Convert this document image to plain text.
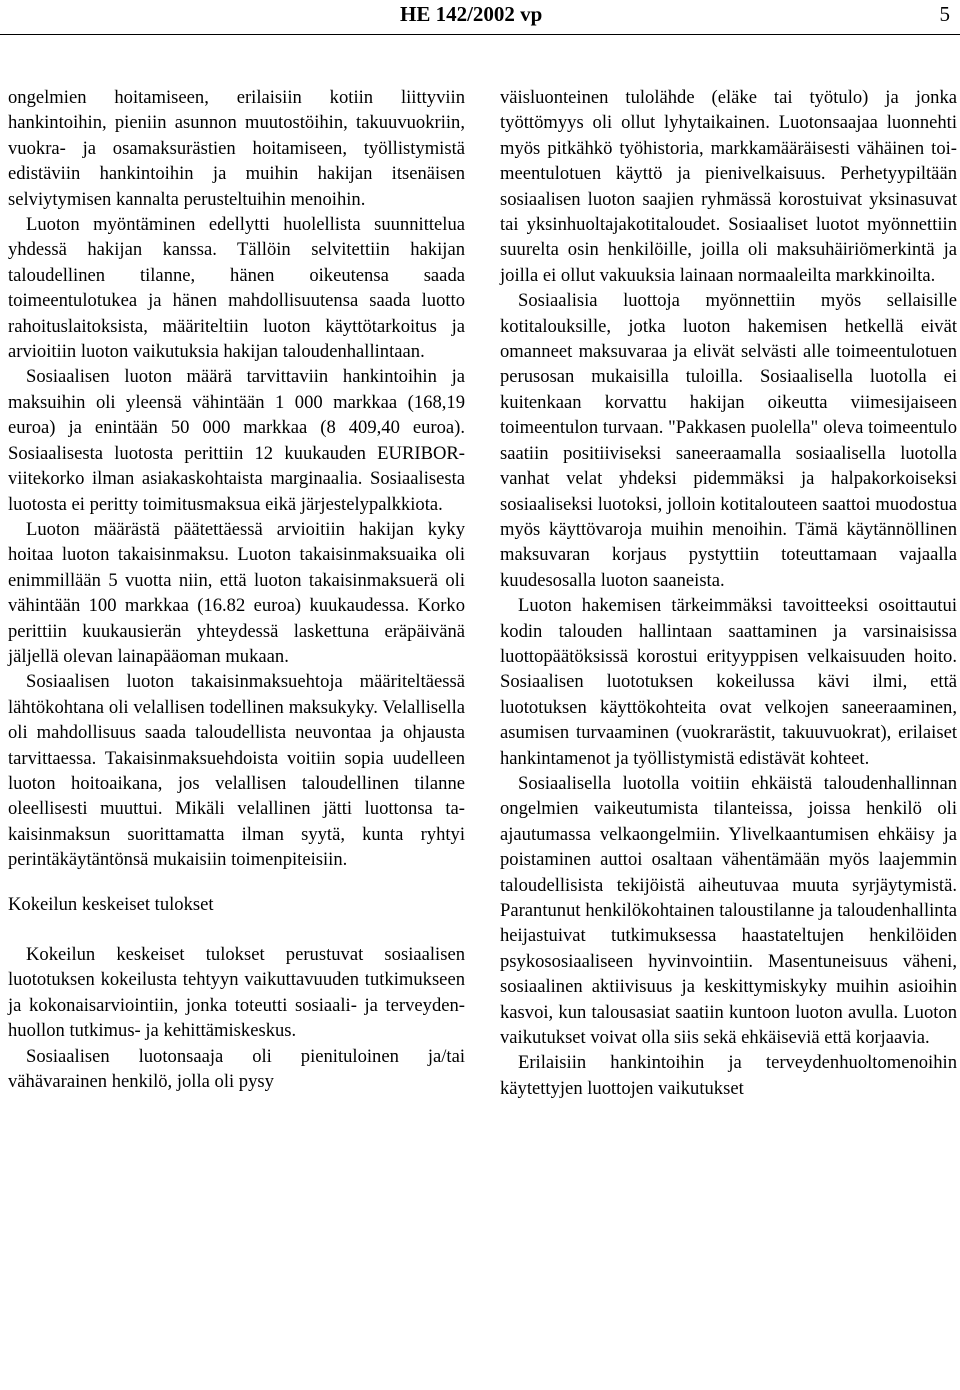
HE 142/2002 vp	5

ongelmien hoitamiseen, erilaisiin kotiin liittyviin hankintoihin, pieniin asunnon muutostöihin, takuuvuokriin, vuokra- ja osamaksurästien hoitamiseen, työllistymistä edistäviin hankintoihin ja muihin hakijan itsenäisen selviytymisen kannalta perusteltuihin menoihin.

Luoton myöntäminen edellytti huolellista suunnittelua yhdessä hakijan kanssa. Tällöin selvitettiin hakijan taloudellinen tilanne, hänen oikeutensa saada toimeentulotukea ja hänen mahdollisuutensa saada luotto rahoituslaitoksista, määriteltiin luoton käyttötarkoitus ja arvioitiin luoton vaikutuksia hakijan taloudenhallintaan.

Sosiaalisen luoton määrä tarvittaviin hankintoihin ja maksuihin oli yleensä vähintään 1 000 markkaa (168,19 euroa) ja enintään 50 000 markkaa (8 409,40 euroa). Sosiaalisesta luotosta perittiin 12 kuukauden EURIBOR-viitekorko ilman asiakaskohtaista marginaalia. Sosiaalisesta luotosta ei peritty toimitusmaksua eikä järjestelypalkkiota.

Luoton määrästä päätettäessä arvioitiin hakijan kyky hoitaa luoton takaisinmaksu. Luoton takaisinmaksuaika oli enimmillään 5 vuotta niin, että luoton takaisinmaksuerä oli vähintään 100 markkaa (16.82 euroa) kuukaudessa. Korko perittiin kuukausierän yhteydessä laskettuna eräpäivänä jäljellä olevan lainapääoman mukaan.

Sosiaalisen luoton takaisinmaksuehtoja määriteltäessä lähtökohtana oli velallisen todellinen maksukyky. Velallisella oli mahdollisuus saada taloudellista neuvontaa ja ohjausta tarvittaessa. Takaisinmaksuehdoista voitiin sopia uudelleen luoton hoitoaikana, jos velallisen taloudellinen tilanne oleellisesti muuttui. Mikäli velallinen jätti luottonsa takaisinmaksun suorittamatta ilman syytä, kunta ryhtyi perintäkäytäntönsä mukaisiin toimenpiteisiin.

Kokeilun keskeiset tulokset

Kokeilun keskeiset tulokset perustuvat sosiaalisen luototuksen kokeilusta tehtyyn vaikuttavuuden tutkimukseen ja kokonaisarviointiin, jonka toteutti sosiaali- ja terveydenhuollon tutkimus- ja kehittämiskeskus.

Sosiaalisen luotonsaaja oli pienituloinen ja/tai vähävarainen henkilö, jolla oli pysy

väisluonteinen tulolähde (eläke tai työtulo) ja jonka työttömyys oli ollut lyhytaikainen. Luotonsaajaa luonnehti myös pitkähkö työhistoria, markkamääräisesti vähäinen toimeentulotuen käyttö ja pienivelkaisuus. Perhetyypiltään sosiaalisen luoton saajien ryhmässä korostuivat yksinasuvat tai yksinhuoltajakotitaloudet. Sosiaaliset luotot myönnettiin suurelta osin henkilöille, joilla oli maksuhäiriömerkintä ja joilla ei ollut vakuuksia lainaan normaaleilta markkinoilta.

Sosiaalisia luottoja myönnettiin myös sellaisille kotitalouksille, jotka luoton hakemisen hetkellä eivät omanneet maksuvaraa ja elivät selvästi alle toimeentulotuen perusosan mukaisilla tuloilla. Sosiaalisella luotolla ei kuitenkaan korvattu hakijan oikeutta viimesijaiseen toimeentulon turvaan. "Pakkasen puolella" oleva toimeentulo saatiin positiiviseksi saneeraamalla sosiaalisella luotolla vanhat velat yhdeksi pidemmäksi ja halpakorkoiseksi sosiaaliseksi luotoksi, jolloin kotitalouteen saattoi muodostua myös käyttövaroja muihin menoihin. Tämä käytännöllinen maksuvaran korjaus pystyttiin toteuttamaan vajaalla kuudesosalla luoton saaneista.

Luoton hakemisen tärkeimmäksi tavoitteeksi osoittautui kodin talouden hallintaan saattaminen ja varsinaisissa luottopäätöksissä korostui erityyppisen velkaisuuden hoito. Sosiaalisen luototuksen kokeilussa kävi ilmi, että luototuksen käyttökohteita ovat velkojen saneeraaminen, asumisen turvaaminen (vuokrarästit, takuuvuokrat), erilaiset hankintamenot ja työllistymistä edistävät kohteet.

Sosiaalisella luotolla voitiin ehkäistä taloudenhallinnan ongelmien vaikeutumista tilanteissa, joissa henkilö oli ajautumassa velkaongelmiin. Ylivelkaantumisen ehkäisy ja poistaminen auttoi osaltaan vähentämään myös laajemmin taloudellisista tekijöistä aiheutuvaa muuta syrjäytymistä. Parantunut henkilökohtainen taloustilanne ja taloudenhallinta heijastuivat tutkimuksessa haastateltujen henkilöiden psykososiaaliseen hyvinvointiin. Masentuneisuus väheni, sosiaalinen aktiivisuus ja keskittymiskyky muihin asioihin kasvoi, kun talousasiat saatiin kuntoon luoton avulla. Luoton vaikutukset voivat olla siis sekä ehkäiseviä että korjaavia.

Erilaisiin hankintoihin ja terveydenhuoltomenoihin käytettyjen luottojen vaikutukset
